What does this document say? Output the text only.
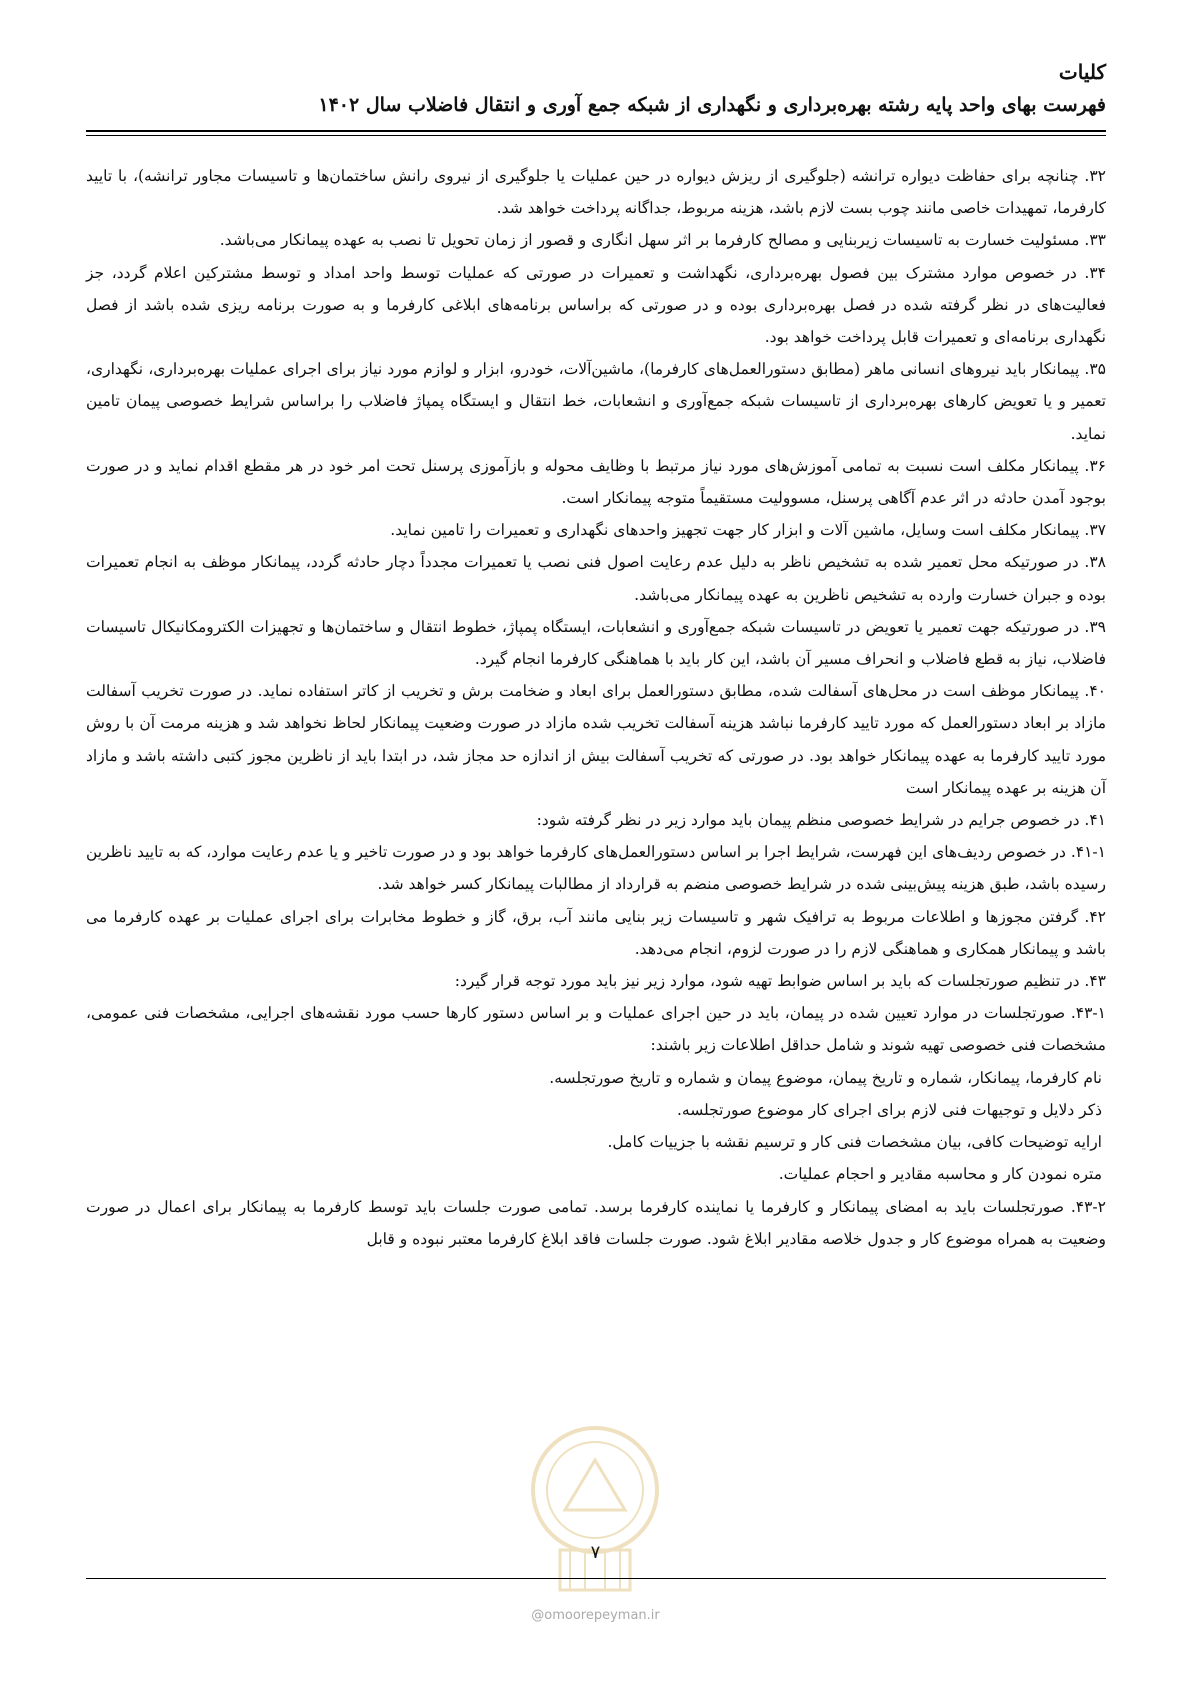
کلیات
فهرست بهای واحد پایه رشته بهره‌برداری و نگهداری از شبکه جمع آوری و انتقال فاضلاب سال ۱۴۰۲

۳۲. چنانچه برای حفاظت دیواره ترانشه (جلوگیری از ریزش دیواره در حین عملیات یا جلوگیری از نیروی رانش ساختمان‌ها و تاسیسات مجاور ترانشه)، با تایید کارفرما، تمهیدات خاصی مانند چوب بست لازم باشد، هزینه مربوط، جداگانه پرداخت خواهد شد.

۳۳. مسئولیت خسارت به تاسیسات زیربنایی و مصالح کارفرما بر اثر سهل انگاری و قصور از زمان تحویل تا نصب به عهده پیمانکار می‌باشد.

۳۴. در خصوص موارد مشترک بین فصول بهره‌برداری، نگهداشت و تعمیرات در صورتی که عملیات توسط واحد امداد و توسط مشترکین اعلام گردد، جز فعالیت‌های در نظر گرفته شده در فصل بهره‌برداری بوده و در صورتی که براساس برنامه‌های ابلاغی کارفرما و به صورت برنامه ریزی شده باشد از فصل نگهداری برنامه‌ای و تعمیرات قابل پرداخت خواهد بود.

۳۵. پیمانکار باید نیروهای انسانی ماهر (مطابق دستورالعمل‌های کارفرما)، ماشین‌آلات، خودرو، ابزار و لوازم مورد نیاز برای اجرای عملیات بهره‌برداری، نگهداری، تعمیر و یا تعویض کارهای بهره‌برداری از تاسیسات شبکه جمع‌آوری و انشعابات، خط انتقال و ایستگاه پمپاژ فاضلاب را براساس شرایط خصوصی پیمان تامین نماید.

۳۶. پیمانکار مکلف است نسبت به تمامی آموزش‌های مورد نیاز مرتبط با وظایف محوله و بازآموزی پرسنل تحت امر خود در هر مقطع اقدام نماید و در صورت بوجود آمدن حادثه در اثر عدم آگاهی پرسنل، مسوولیت مستقیماً متوجه پیمانکار است.

۳۷. پیمانکار مکلف است وسایل، ماشین آلات و ابزار کار جهت تجهیز واحدهای نگهداری و تعمیرات را تامین نماید.

۳۸. در صورتیکه محل تعمیر شده به تشخیص ناظر به دلیل عدم رعایت اصول فنی نصب یا تعمیرات مجدداً دچار حادثه گردد، پیمانکار موظف به انجام تعمیرات بوده و جبران خسارت وارده به تشخیص ناظرین به عهده پیمانکار می‌باشد.

۳۹. در صورتیکه جهت تعمیر یا تعویض در تاسیسات شبکه جمع‌آوری و انشعابات، ایستگاه پمپاژ، خطوط انتقال و ساختمان‌ها و تجهیزات الکترومکانیکال تاسیسات فاضلاب، نیاز به قطع فاضلاب و انحراف مسیر آن باشد، این کار باید با هماهنگی کارفرما انجام گیرد.

۴۰. پیمانکار موظف است در محل‌های آسفالت شده، مطابق دستورالعمل برای ابعاد و ضخامت برش و تخریب از کاتر استفاده نماید. در صورت تخریب آسفالت مازاد بر ابعاد دستورالعمل که مورد تایید کارفرما نباشد هزینه آسفالت تخریب شده مازاد در صورت وضعیت پیمانکار لحاظ نخواهد شد و هزینه مرمت آن با روش مورد تایید کارفرما به عهده پیمانکار خواهد بود. در صورتی که تخریب آسفالت بیش از اندازه حد مجاز شد، در ابتدا باید از ناظرین مجوز کتبی داشته باشد و مازاد آن هزینه بر عهده پیمانکار است

۴۱. در خصوص جرایم در شرایط خصوصی منظم پیمان باید موارد زیر در نظر گرفته شود:

۴۱-۱. در خصوص ردیف‌های این فهرست، شرایط اجرا بر اساس دستورالعمل‌های کارفرما خواهد بود و در صورت تاخیر و یا عدم رعایت موارد، که به تایید ناظرین رسیده باشد، طبق هزینه پیش‌بینی شده در شرایط خصوصی منضم به قرارداد از مطالبات پیمانکار کسر خواهد شد.

۴۲. گرفتن مجوزها و اطلاعات مربوط به ترافیک شهر و تاسیسات زیر بنایی مانند آب، برق، گاز و خطوط مخابرات برای اجرای عملیات بر عهده کارفرما می باشد و پیمانکار همکاری و هماهنگی لازم را در صورت لزوم، انجام می‌دهد.

۴۳. در تنظیم صورتجلسات که باید بر اساس ضوابط تهیه شود، موارد زیر نیز باید مورد توجه قرار گیرد:

۴۳-۱. صورتجلسات در موارد تعیین شده در پیمان، باید در حین اجرای عملیات و بر اساس دستور کارها حسب مورد نقشه‌های اجرایی، مشخصات فنی عمومی، مشخصات فنی خصوصی تهیه شوند و شامل حداقل اطلاعات زیر باشند:

نام کارفرما، پیمانکار، شماره و تاریخ پیمان، موضوع پیمان و شماره و تاریخ صورتجلسه.

ذکر دلایل و توجیهات فنی لازم برای اجرای کار موضوع صورتجلسه.

ارایه توضیحات کافی، بیان مشخصات فنی کار و ترسیم نقشه با جزییات کامل.

متره نمودن کار و محاسبه مقادیر و احجام عملیات.

۴۳-۲. صورتجلسات باید به امضای پیمانکار و کارفرما یا نماینده کارفرما برسد. تمامی صورت جلسات باید توسط کارفرما به پیمانکار برای اعمال در صورت وضعیت به همراه موضوع کار و جدول خلاصه مقادیر ابلاغ شود. صورت جلسات فاقد ابلاغ کارفرما معتبر نبوده و قابل

۷
@omoorepeyman.ir
